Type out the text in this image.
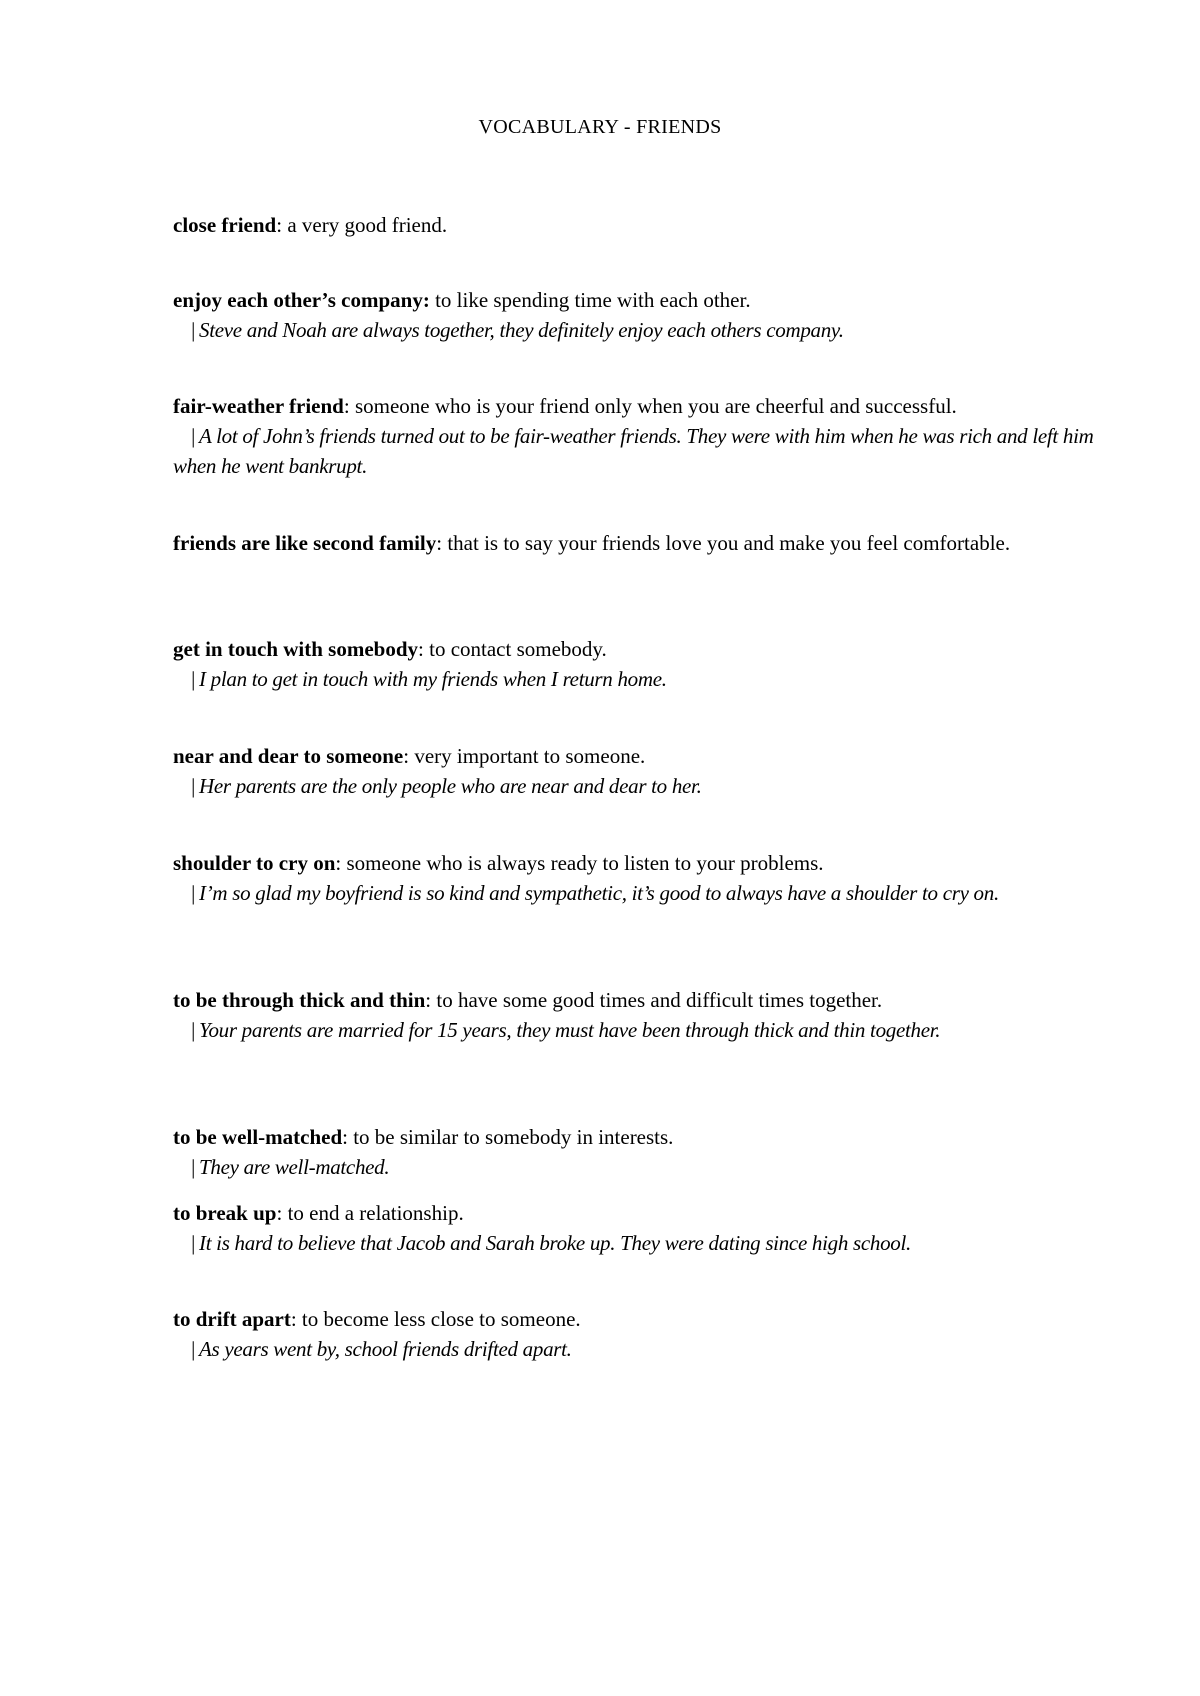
VOCABULARY - FRIENDS
close friend: a very good friend.
enjoy each other’s company: to like spending time with each other.
| Steve and Noah are always together, they definitely enjoy each others company.
fair-weather friend: someone who is your friend only when you are cheerful and successful.
| A lot of John’s friends turned out to be fair-weather friends. They were with him when he was rich and left him when he went bankrupt.
friends are like second family: that is to say your friends love you and make you feel comfortable.
get in touch with somebody: to contact somebody.
| I plan to get in touch with my friends when I return home.
near and dear to someone: very important to someone.
| Her parents are the only people who are near and dear to her.
shoulder to cry on: someone who is always ready to listen to your problems.
| I’m so glad my boyfriend is so kind and sympathetic, it’s good to always have a shoulder to cry on.
to be through thick and thin: to have some good times and difficult times together.
| Your parents are married for 15 years, they must have been through thick and thin together.
to be well-matched: to be similar to somebody in interests.
| They are well-matched.
to break up: to end a relationship.
| It is hard to believe that Jacob and Sarah broke up. They were dating since high school.
to drift apart: to become less close to someone.
| As years went by, school friends drifted apart.
